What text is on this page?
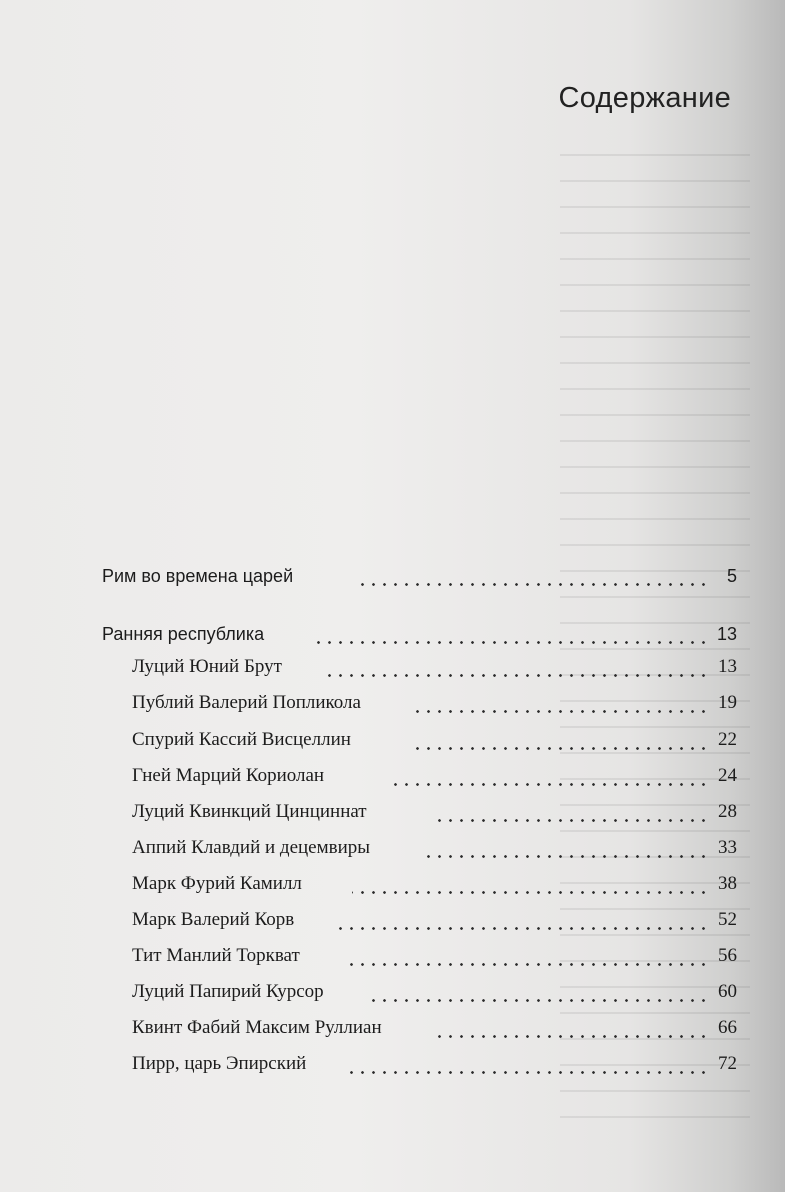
Содержание
Рим во времена царей	5
Ранняя республика	13
Луций Юний Брут	13
Публий Валерий Попликола	19
Спурий Кассий Висцеллин	22
Гней Марций Кориолан	24
Луций Квинкций Цинциннат	28
Аппий Клавдий и децемвиры	33
Марк Фурий Камилл	38
Марк Валерий Корв	52
Тит Манлий Торкват	56
Луций Папирий Курсор	60
Квинт Фабий Максим Руллиан	66
Пирр, царь Эпирский	72
